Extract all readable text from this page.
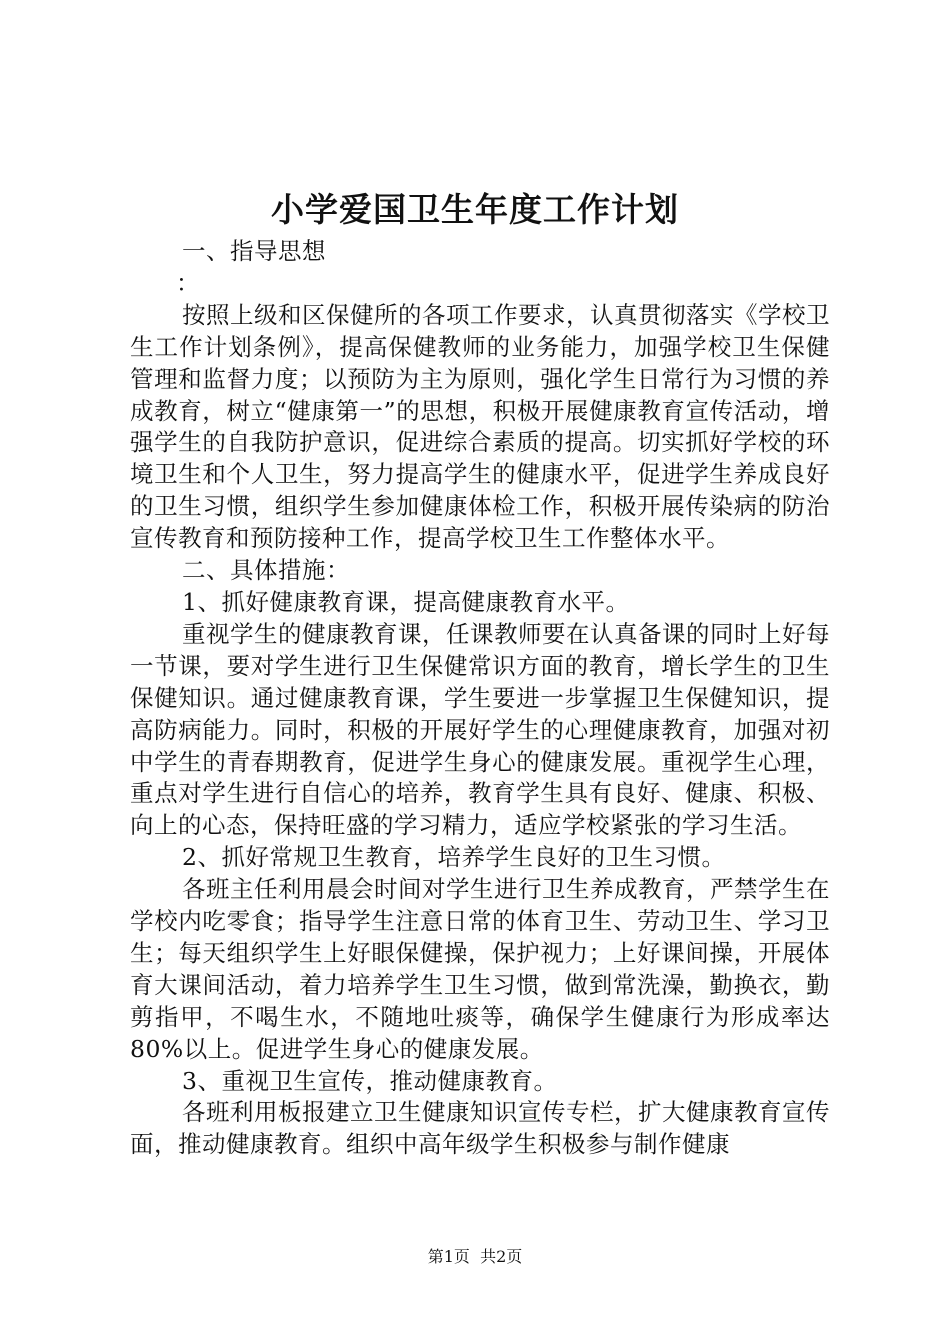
小学爱国卫生年度工作计划

一、指导思想

：

按照上级和区保健所的各项工作要求，认真贯彻落实《学校卫生工作计划条例》，提高保健教师的业务能力，加强学校卫生保健管理和监督力度；以预防为主为原则，强化学生日常行为习惯的养成教育，树立“健康第一”的思想，积极开展健康教育宣传活动，增强学生的自我防护意识，促进综合素质的提高。切实抓好学校的环境卫生和个人卫生，努力提高学生的健康水平，促进学生养成良好的卫生习惯，组织学生参加健康体检工作，积极开展传染病的防治宣传教育和预防接种工作，提高学校卫生工作整体水平。

二、具体措施：

1、抓好健康教育课，提高健康教育水平。

重视学生的健康教育课，任课教师要在认真备课的同时上好每一节课，要对学生进行卫生保健常识方面的教育，增长学生的卫生保健知识。通过健康教育课，学生要进一步掌握卫生保健知识，提高防病能力。同时，积极的开展好学生的心理健康教育，加强对初中学生的青春期教育，促进学生身心的健康发展。重视学生心理，重点对学生进行自信心的培养，教育学生具有良好、健康、积极、向上的心态，保持旺盛的学习精力，适应学校紧张的学习生活。

2、抓好常规卫生教育，培养学生良好的卫生习惯。

各班主任利用晨会时间对学生进行卫生养成教育，严禁学生在学校内吃零食；指导学生注意日常的体育卫生、劳动卫生、学习卫生；每天组织学生上好眼保健操，保护视力；上好课间操，开展体育大课间活动，着力培养学生卫生习惯，做到常洗澡，勤换衣，勤剪指甲，不喝生水，不随地吐痰等，确保学生健康行为形成率达80%以上。促进学生身心的健康发展。

3、重视卫生宣传，推动健康教育。

各班利用板报建立卫生健康知识宣传专栏，扩大健康教育宣传面，推动健康教育。组织中高年级学生积极参与制作健康

第1页 共2页
